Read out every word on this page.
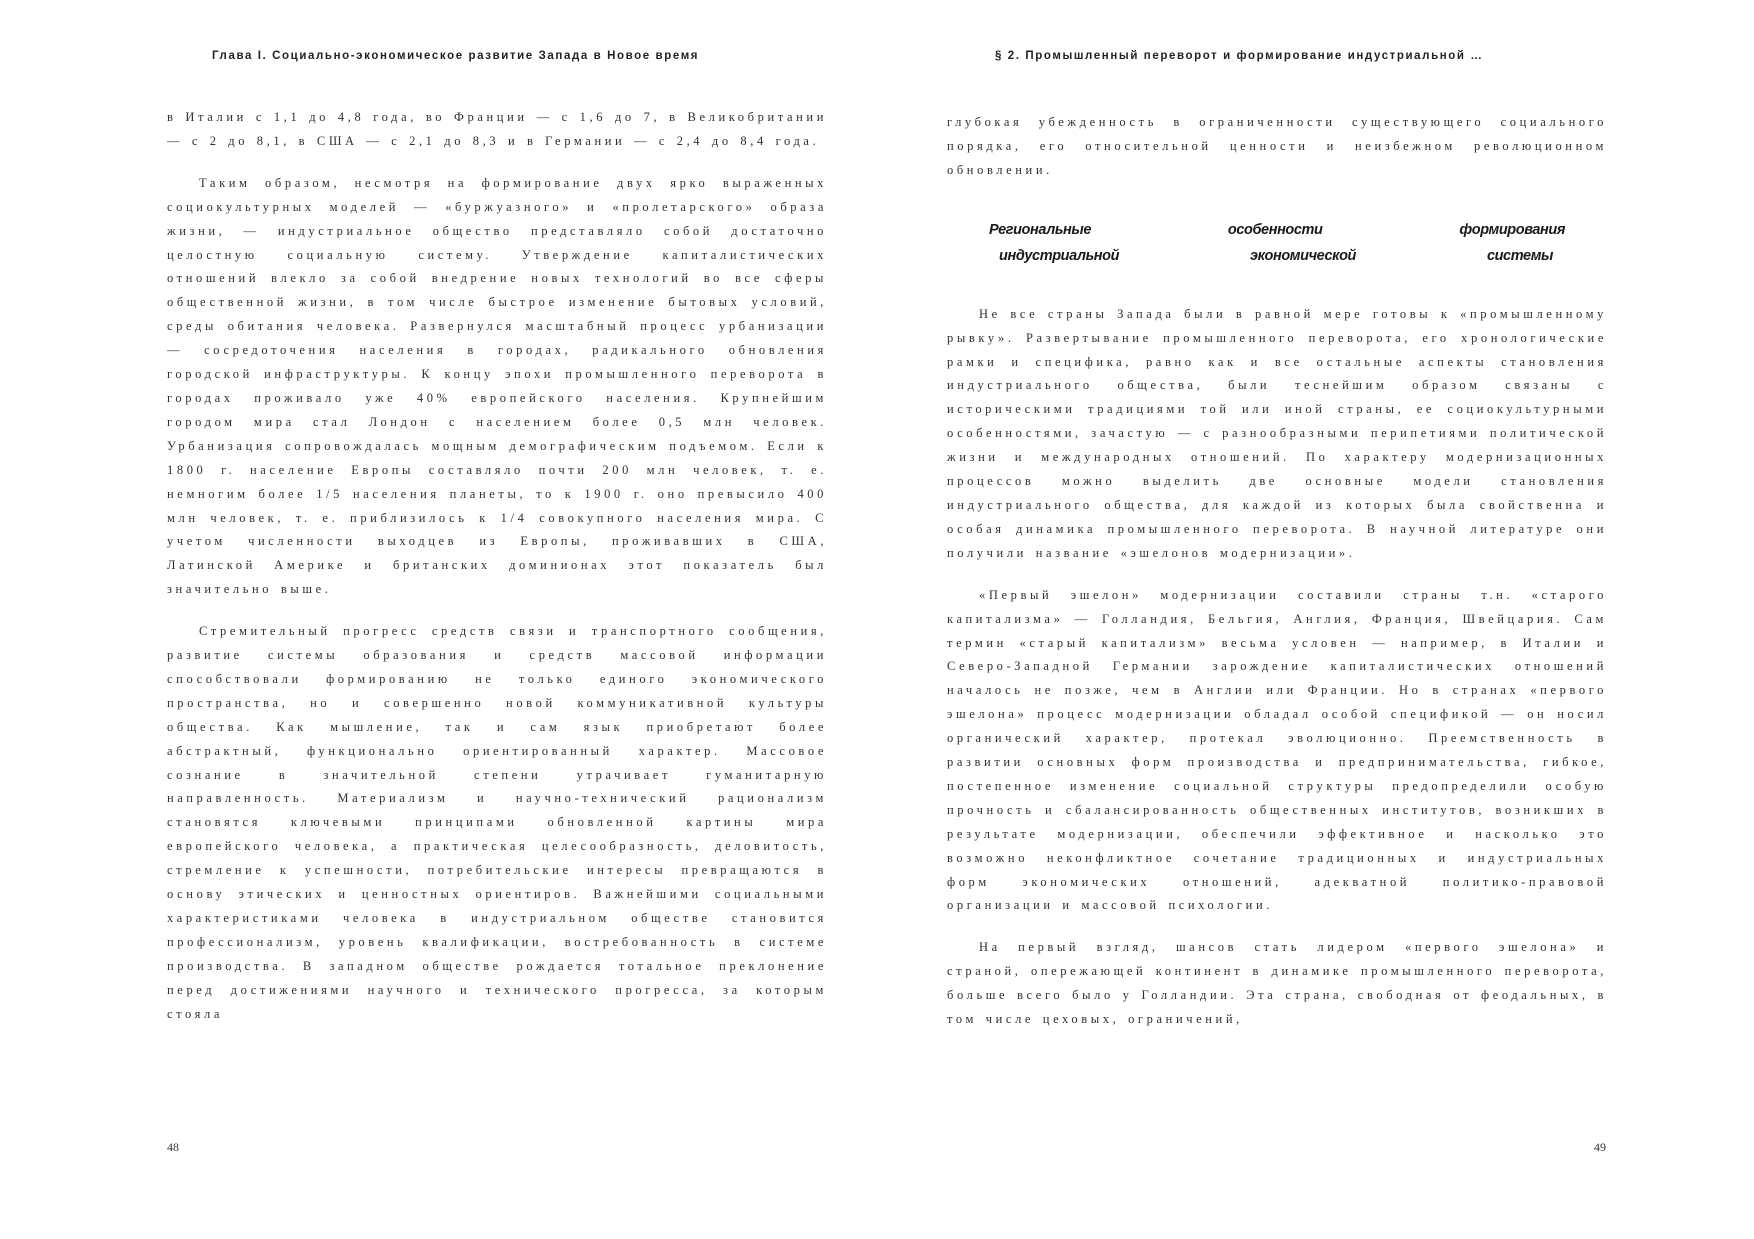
Глава I. Социально-экономическое развитие Запада в Новое время

в Италии с 1,1 до 4,8 года, во Франции — с 1,6 до 7, в Великобритании — с 2 до 8,1, в США — с 2,1 до 8,3 и в Германии — с 2,4 до 8,4 года.

Таким образом, несмотря на формирование двух ярко выраженных социокультурных моделей — «буржуазного» и «пролетарского» образа жизни, — индустриальное общество представляло собой достаточно целостную социальную систему. Утверждение капиталистических отношений влекло за собой внедрение новых технологий во все сферы общественной жизни, в том числе быстрое изменение бытовых условий, среды обитания человека. Развернулся масштабный процесс урбанизации — сосредоточения населения в городах, радикального обновления городской инфраструктуры. К концу эпохи промышленного переворота в городах проживало уже 40% европейского населения. Крупнейшим городом мира стал Лондон с населением более 0,5 млн человек. Урбанизация сопровождалась мощным демографическим подъемом. Если к 1800 г. население Европы составляло почти 200 млн человек, т. е. немногим более 1/5 населения планеты, то к 1900 г. оно превысило 400 млн человек, т. е. приблизилось к 1/4 совокупного населения мира. С учетом численности выходцев из Европы, проживавших в США, Латинской Америке и британских доминионах этот показатель был значительно выше.

Стремительный прогресс средств связи и транспортного сообщения, развитие системы образования и средств массовой информации способствовали формированию не только единого экономического пространства, но и совершенно новой коммуникативной культуры общества. Как мышление, так и сам язык приобретают более абстрактный, функционально ориентированный характер. Массовое сознание в значительной степени утрачивает гуманитарную направленность. Материализм и научно-технический рационализм становятся ключевыми принципами обновленной картины мира европейского человека, а практическая целесообразность, деловитость, стремление к успешности, потребительские интересы превращаются в основу этических и ценностных ориентиров. Важнейшими социальными характеристиками человека в индустриальном обществе становится профессионализм, уровень квалификации, востребованность в системе производства. В западном обществе рождается тотальное преклонение перед достижениями научного и технического прогресса, за которым стояла

48
§ 2. Промышленный переворот и формирование индустриальной …

глубокая убежденность в ограниченности существующего социального порядка, его относительной ценности и неизбежном революционном обновлении.

Региональные	особенности	формирования
индустриальной	экономической	системы

Не все страны Запада были в равной мере готовы к «промышленному рывку». Развертывание промышленного переворота, его хронологические рамки и специфика, равно как и все остальные аспекты становления индустриального общества, были теснейшим образом связаны с историческими традициями той или иной страны, ее социокультурными особенностями, зачастую — с разнообразными перипетиями политической жизни и международных отношений. По характеру модернизационных процессов можно выделить две основные модели становления индустриального общества, для каждой из которых была свойственна и особая динамика промышленного переворота. В научной литературе они получили название «эшелонов модернизации».

«Первый эшелон» модернизации составили страны т.н. «старого капитализма» — Голландия, Бельгия, Англия, Франция, Швейцария. Сам термин «старый капитализм» весьма условен — например, в Италии и Северо-Западной Германии зарождение капиталистических отношений началось не позже, чем в Англии или Франции. Но в странах «первого эшелона» процесс модернизации обладал особой спецификой — он носил органический характер, протекал эволюционно. Преемственность в развитии основных форм производства и предпринимательства, гибкое, постепенное изменение социальной структуры предопределили особую прочность и сбалансированность общественных институтов, возникших в результате модернизации, обеспечили эффективное и насколько это возможно неконфликтное сочетание традиционных и индустриальных форм экономических отношений, адекватной политико-правовой организации и массовой психологии.

На первый взгляд, шансов стать лидером «первого эшелона» и страной, опережающей континент в динамике промышленного переворота, больше всего было у Голландии. Эта страна, свободная от феодальных, в том числе цеховых, ограничений,

49
